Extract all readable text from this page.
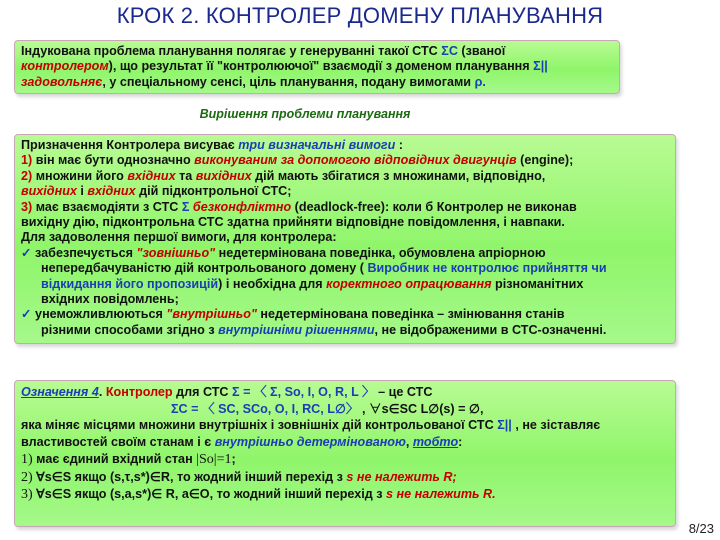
КРОК 2. КОНТРОЛЕР ДОМЕНУ ПЛАНУВАННЯ
Індукована проблема планування полягає у генеруванні такої СТС ΣC (званої
контролером), що результат її "контролюючої" взаємодії з доменом планування Σ||
задовольняє, у спеціальному сенсі, ціль планування, подану вимогами ρ.
Вирішення проблеми планування
Призначення Контролера висуває три визначальні вимоги :
1) він має бути однозначно виконуваним за допомогою відповідних двигунців (engine);
2) множини його вхідних та вихідних дій мають збігатися з множинами, відповідно,
вихідних і вхідних дій підконтрольної СТС;
3) має взаємодіяти з СТС Σ безконфліктно (deadlock-free): коли б Контролер не виконав
вихідну дію, підконтрольна СТС здатна прийняти відповідне повідомлення, і навпаки.
Для задоволення першої вимоги, для контролера:
✓ забезпечується "зовнішньо" недетермінована поведінка, обумовлена апріорною
непередбачуваністю дій контрольованого домену ( Виробник не контролює прийняття чи
відкидання його пропозицій) і необхідна для коректного опрацювання різноманітних
вхідних повідомлень;
✓ унеможливлюються "внутрішньо" недетермінована поведінка – змінювання станів
різними способами згідно з внутрішніми рішеннями, не відображеними в СТС-означенні.
Означення 4. Контролер для СТС Σ = 〈 Σ, So, I, O, R, L 〉 – це СТС
ΣC = 〈 SC, SCo, O, I, RC, L∅〉 , ∀s∈SC L∅(s) = ∅,
яка міняє місцями множини внутрішніх і зовнішніх дій контрольованої СТС Σ|| , не зіставляє
властивостей своїм станам і є внутрішньо детермінованою, тобто:
1) має єдиний вхідний стан |So|=1;
2) ∀s∈S якщо (s,τ,s*)∈R, то жодний інший перехід з s не належить R;
3) ∀s∈S якщо (s,a,s*)∈ R, a∈O, то жодний інший перехід з s не належить R.
8/23
